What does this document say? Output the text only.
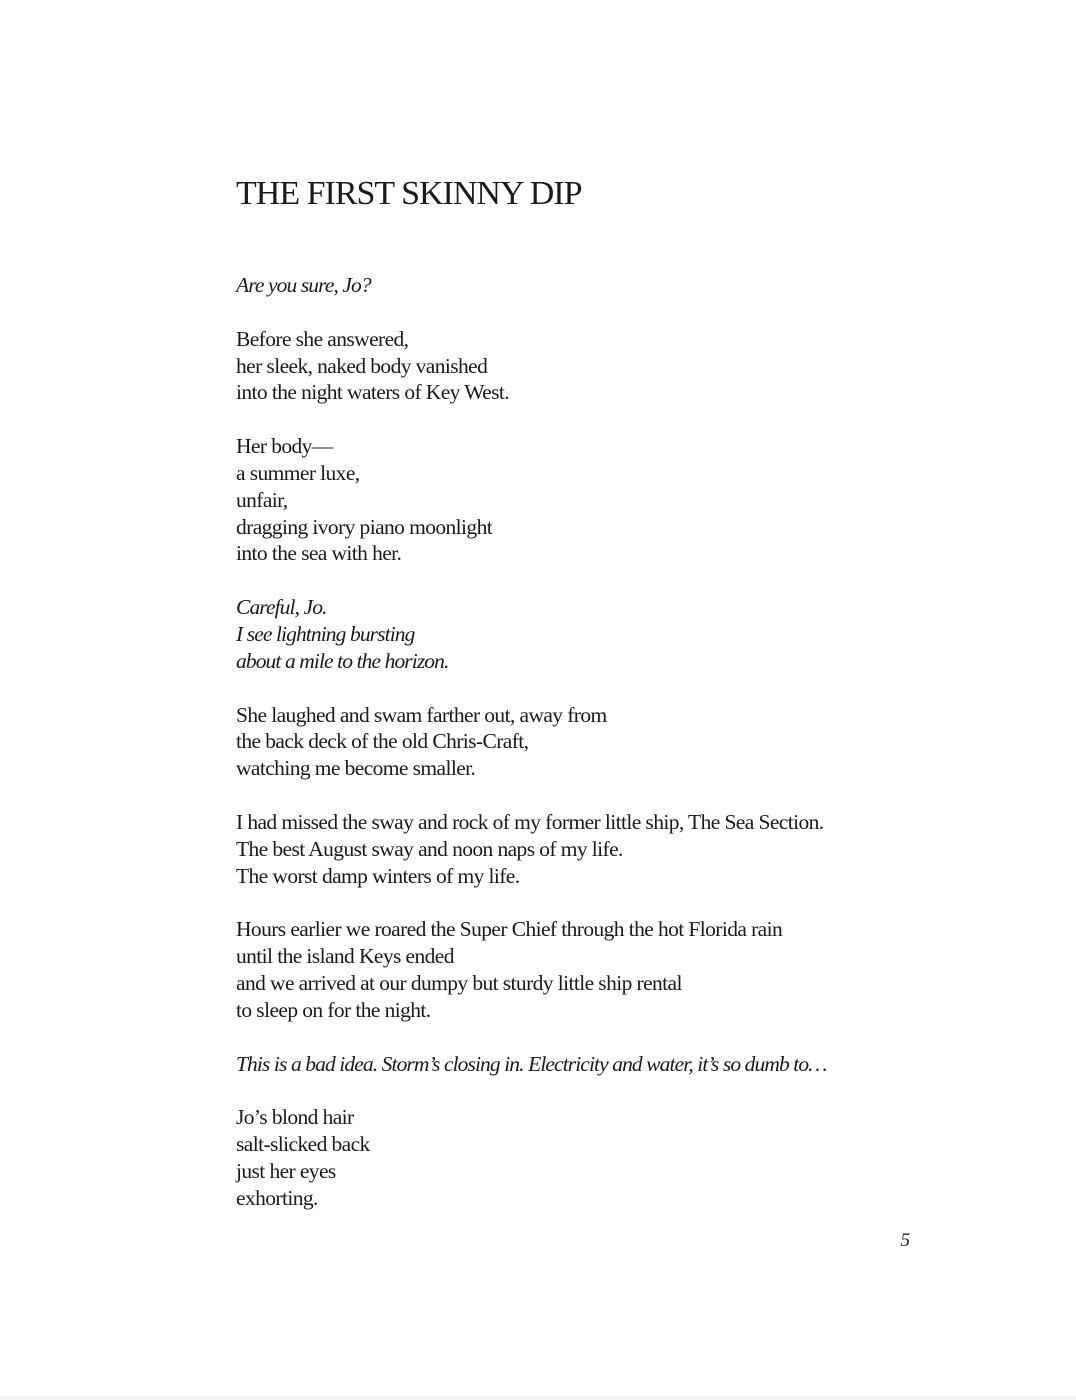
THE FIRST SKINNY DIP
Are you sure, Jo?
Before she answered,
her sleek, naked body vanished
into the night waters of Key West.
Her body—
a summer luxe,
unfair,
dragging ivory piano moonlight
into the sea with her.
Careful, Jo.
I see lightning bursting
about a mile to the horizon.
She laughed and swam farther out, away from
the back deck of the old Chris-Craft,
watching me become smaller.
I had missed the sway and rock of my former little ship, The Sea Section.
The best August sway and noon naps of my life.
The worst damp winters of my life.
Hours earlier we roared the Super Chief through the hot Florida rain
until the island Keys ended
and we arrived at our dumpy but sturdy little ship rental
to sleep on for the night.
This is a bad idea. Storm’s closing in. Electricity and water, it’s so dumb to…
Jo’s blond hair
salt-slicked back
just her eyes
exhorting.
5
